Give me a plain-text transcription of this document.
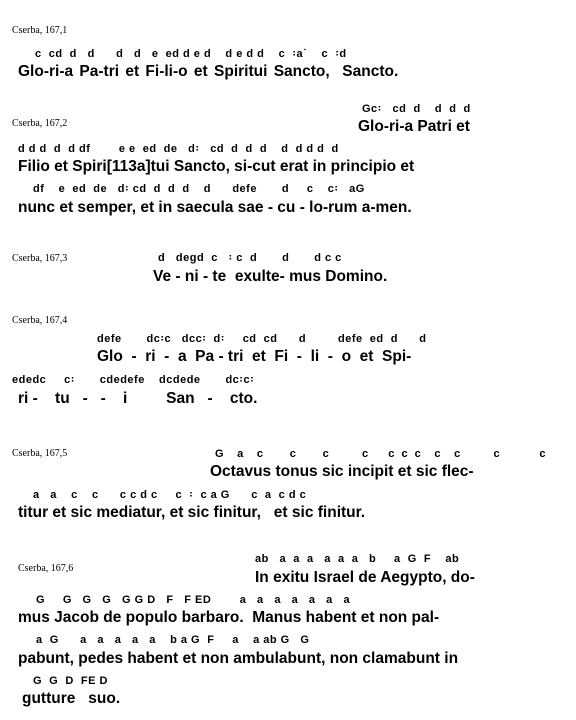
Cserba, 167,1
c  cd  d   d      d   d   e  ed d e d    d e d d    c  ꞉a˙    c  ꞉d
Glo-ri-a Pa-tri et Fi-li-o et Spiritui Sancto,  Sancto.
Cserba, 167,2
Gc꞉   cd  d    d  d  d
Glo-ri-a Patri et
d d d  d  d df        e e  ed  de   d꞉   cd  d  d  d    d  d d d  d
Filio et Spiri[113a]tui Sancto, si-cut erat in principio et
df    e  ed  de   d꞉ cd  d  d  d    d      defe       d     c    c꞉   aG
nunc et semper, et in saecula sae - cu - lo-rum a-men.
Cserba, 167,3	d   degd  c   ꞉ c  d       d       d c c
Ve - ni - te  exulte- mus Domino.
Cserba, 167,4
defe       dc꞉c   dcc꞉  d꞉     cd  cd      d         defe  ed  d      d
Glo  -  ri  -  a  Pa - tri  et  Fi  -  li  -  o  et  Spi-
ededc     c꞉       cdedefe    dcdede       dc꞉c꞉
ri -    tu   -   -    i         San   -    cto.
Cserba, 167,5	G  a  c    c    c     c   c c c  c  c     c      c
Octavus tonus sic incipit et sic flec-
a   a    c    c      c c d c     c  ꞉  c a G      c  a  c d c
titur et sic mediatur, et sic finitur,   et sic finitur.
Cserba, 167,6
ab   a  a  a   a  a  a   b     a  G  F    ab
In exitu Israel de Aegypto, do-
G     G   G   G   G G D   F   F ED        a   a   a   a   a   a   a
mus Jacob de populo barbaro.  Manus habent et non pal-
a  G      a   a   a   a   a    b a G  F     a    a ab G   G
pabunt, pedes habent et non ambulabunt, non clamabunt in
G  G  D  FE D
gutture   suo.
